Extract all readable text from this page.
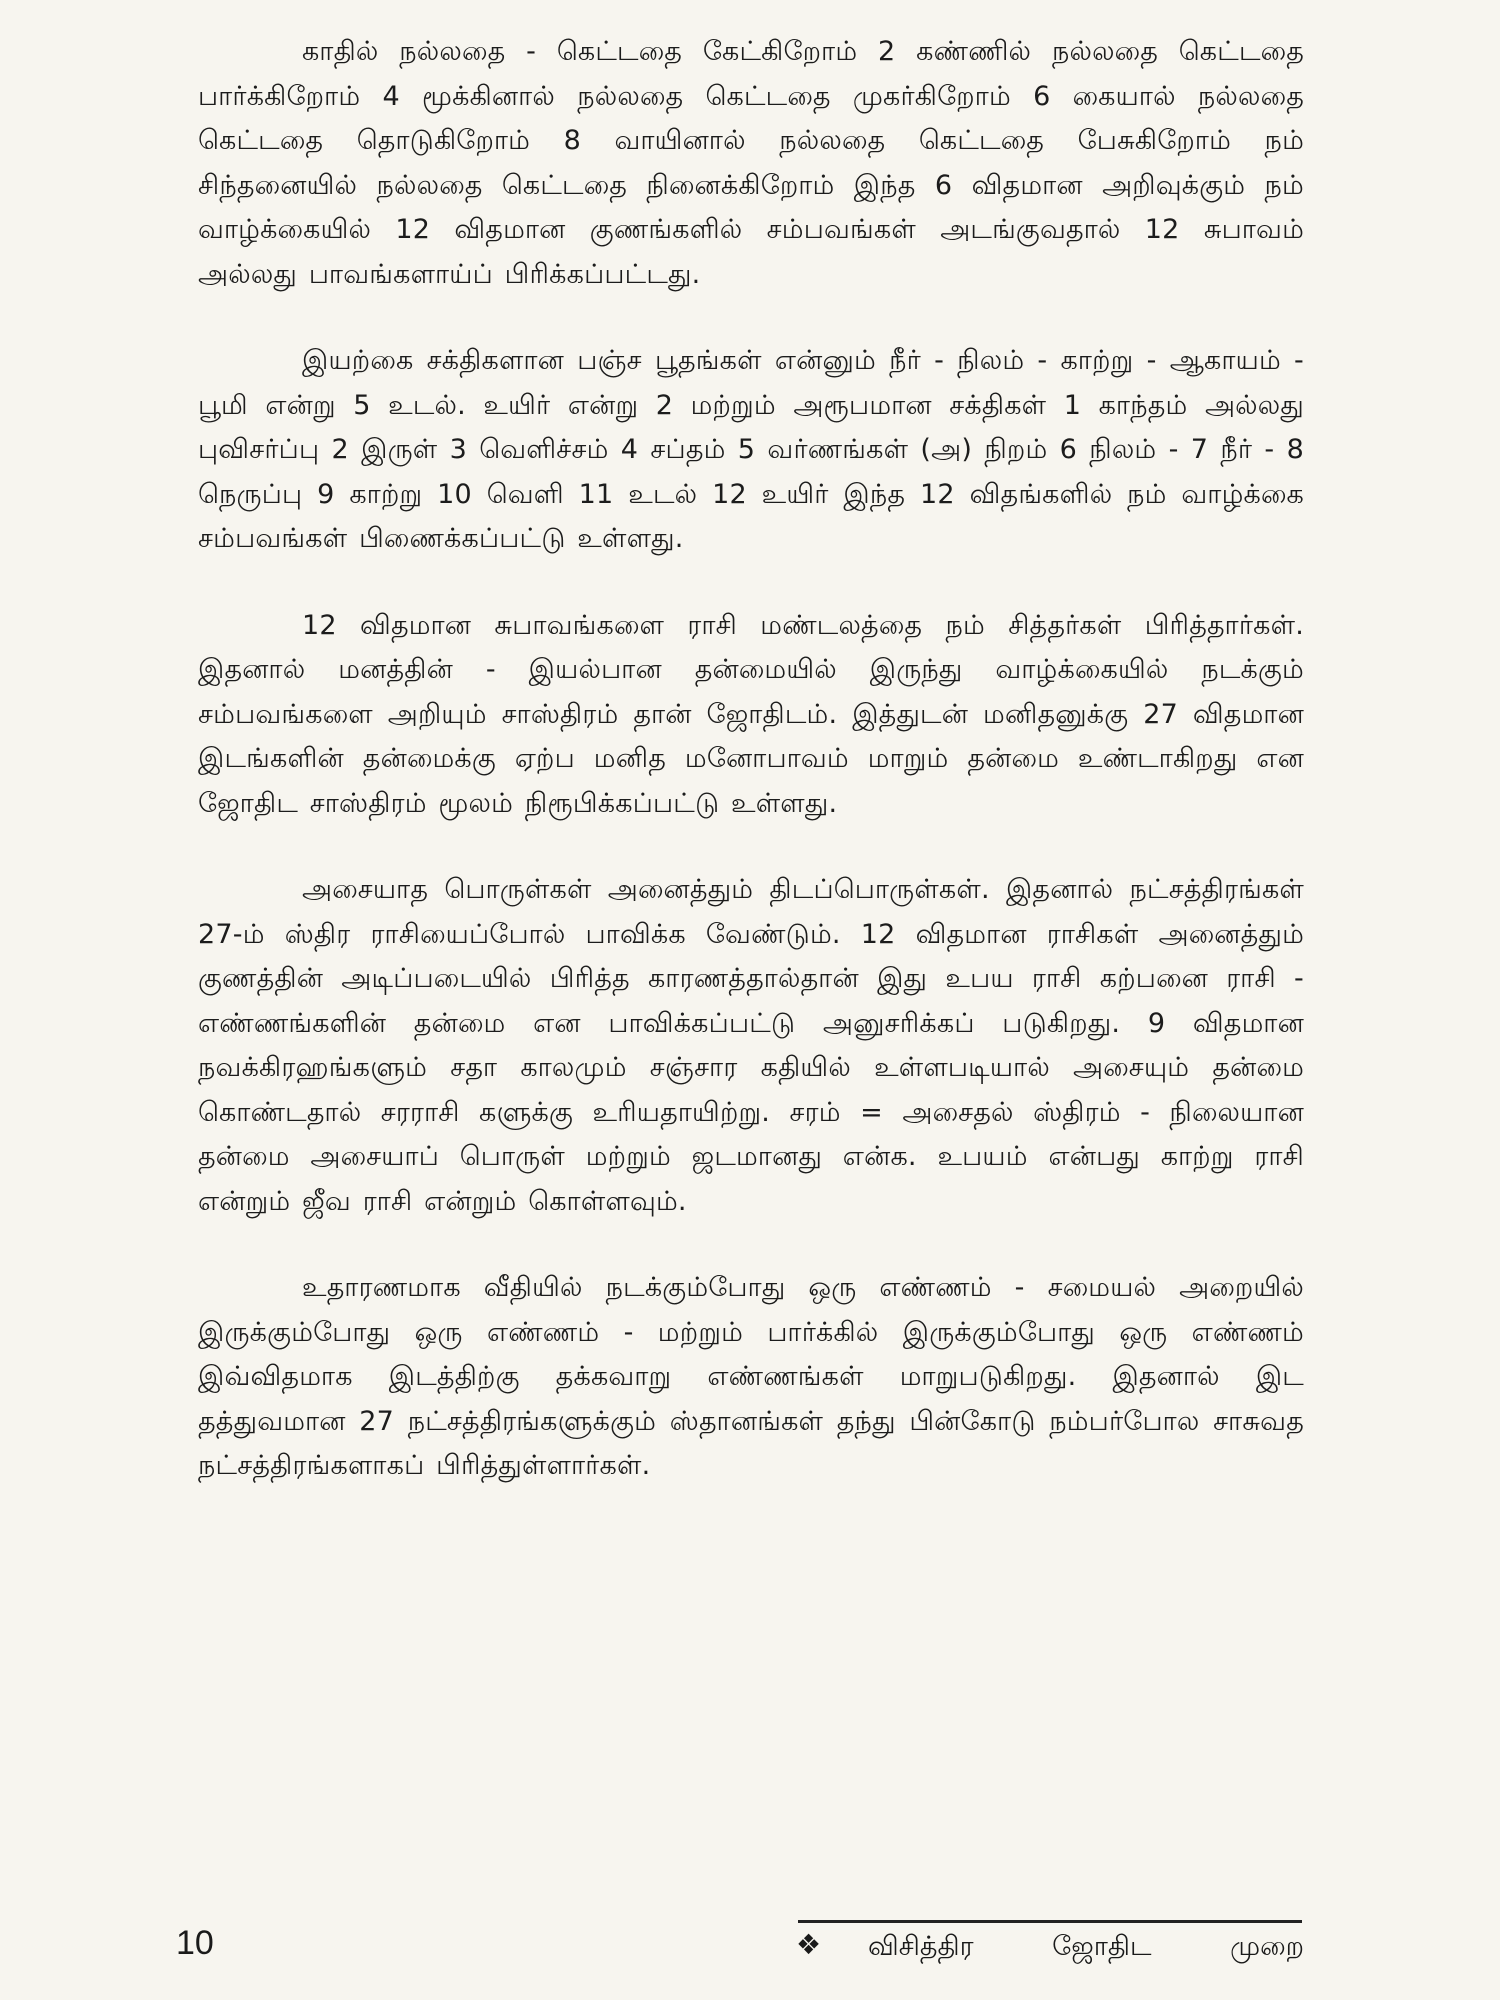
காதில் நல்லதை - கெட்டதை கேட்கிறோம் 2 கண்ணில் நல்லதை கெட்டதை பார்க்கிறோம் 4 மூக்கினால் நல்லதை கெட்டதை முகர்கிறோம் 6 கையால் நல்லதை கெட்டதை தொடுகிறோம் 8 வாயினால் நல்லதை கெட்டதை பேசுகிறோம் நம் சிந்தனையில் நல்லதை கெட்டதை நினைக்கிறோம் இந்த 6 விதமான அறிவுக்கும் நம் வாழ்க்கையில் 12 விதமான குணங்களில் சம்பவங்கள் அடங்குவதால் 12 சுபாவம் அல்லது பாவங்களாய்ப் பிரிக்கப்பட்டது.

இயற்கை சக்திகளான பஞ்ச பூதங்கள் என்னும் நீர் - நிலம் - காற்று - ஆகாயம் - பூமி என்று 5 உடல். உயிர் என்று 2 மற்றும் அரூபமான சக்திகள் 1 காந்தம் அல்லது புவிசர்ப்பு 2 இருள் 3 வெளிச்சம் 4 சப்தம் 5 வர்ணங்கள் (அ) நிறம் 6 நிலம் - 7 நீர் - 8 நெருப்பு 9 காற்று 10 வெளி 11 உடல் 12 உயிர் இந்த 12 விதங்களில் நம் வாழ்க்கை சம்பவங்கள் பிணைக்கப்பட்டு உள்ளது.

12 விதமான சுபாவங்களை ராசி மண்டலத்தை நம் சித்தர்கள் பிரித்தார்கள். இதனால் மனத்தின் - இயல்பான தன்மையில் இருந்து வாழ்க்கையில் நடக்கும் சம்பவங்களை அறியும் சாஸ்திரம் தான் ஜோதிடம். இத்துடன் மனிதனுக்கு 27 விதமான இடங்களின் தன்மைக்கு ஏற்ப மனித மனோபாவம் மாறும் தன்மை உண்டாகிறது என ஜோதிட சாஸ்திரம் மூலம் நிரூபிக்கப்பட்டு உள்ளது.

அசையாத பொருள்கள் அனைத்தும் திடப்பொருள்கள். இதனால் நட்சத்திரங்கள் 27-ம் ஸ்திர ராசியைப்போல் பாவிக்க வேண்டும். 12 விதமான ராசிகள் அனைத்தும் குணத்தின் அடிப்படையில் பிரித்த காரணத்தால்தான் இது உபய ராசி கற்பனை ராசி - எண்ணங்களின் தன்மை என பாவிக்கப்பட்டு அனுசரிக்கப் படுகிறது. 9 விதமான நவக்கிரஹங்களும் சதா காலமும் சஞ்சார கதியில் உள்ளபடியால் அசையும் தன்மை கொண்டதால் சரராசி களுக்கு உரியதாயிற்று. சரம் = அசைதல் ஸ்திரம் - நிலையான தன்மை அசையாப் பொருள் மற்றும் ஜடமானது என்க. உபயம் என்பது காற்று ராசி என்றும் ஜீவ ராசி என்றும் கொள்ளவும்.

உதாரணமாக வீதியில் நடக்கும்போது ஒரு எண்ணம் - சமையல் அறையில் இருக்கும்போது ஒரு எண்ணம் - மற்றும் பார்க்கில் இருக்கும்போது ஒரு எண்ணம் இவ்விதமாக இடத்திற்கு தக்கவாறு எண்ணங்கள் மாறுபடுகிறது. இதனால் இட தத்துவமான 27 நட்சத்திரங்களுக்கும் ஸ்தானங்கள் தந்து பின்கோடு நம்பர்போல சாசுவத நட்சத்திரங்களாகப் பிரித்துள்ளார்கள்.

10	❖ விசித்திர ஜோதிட முறை
